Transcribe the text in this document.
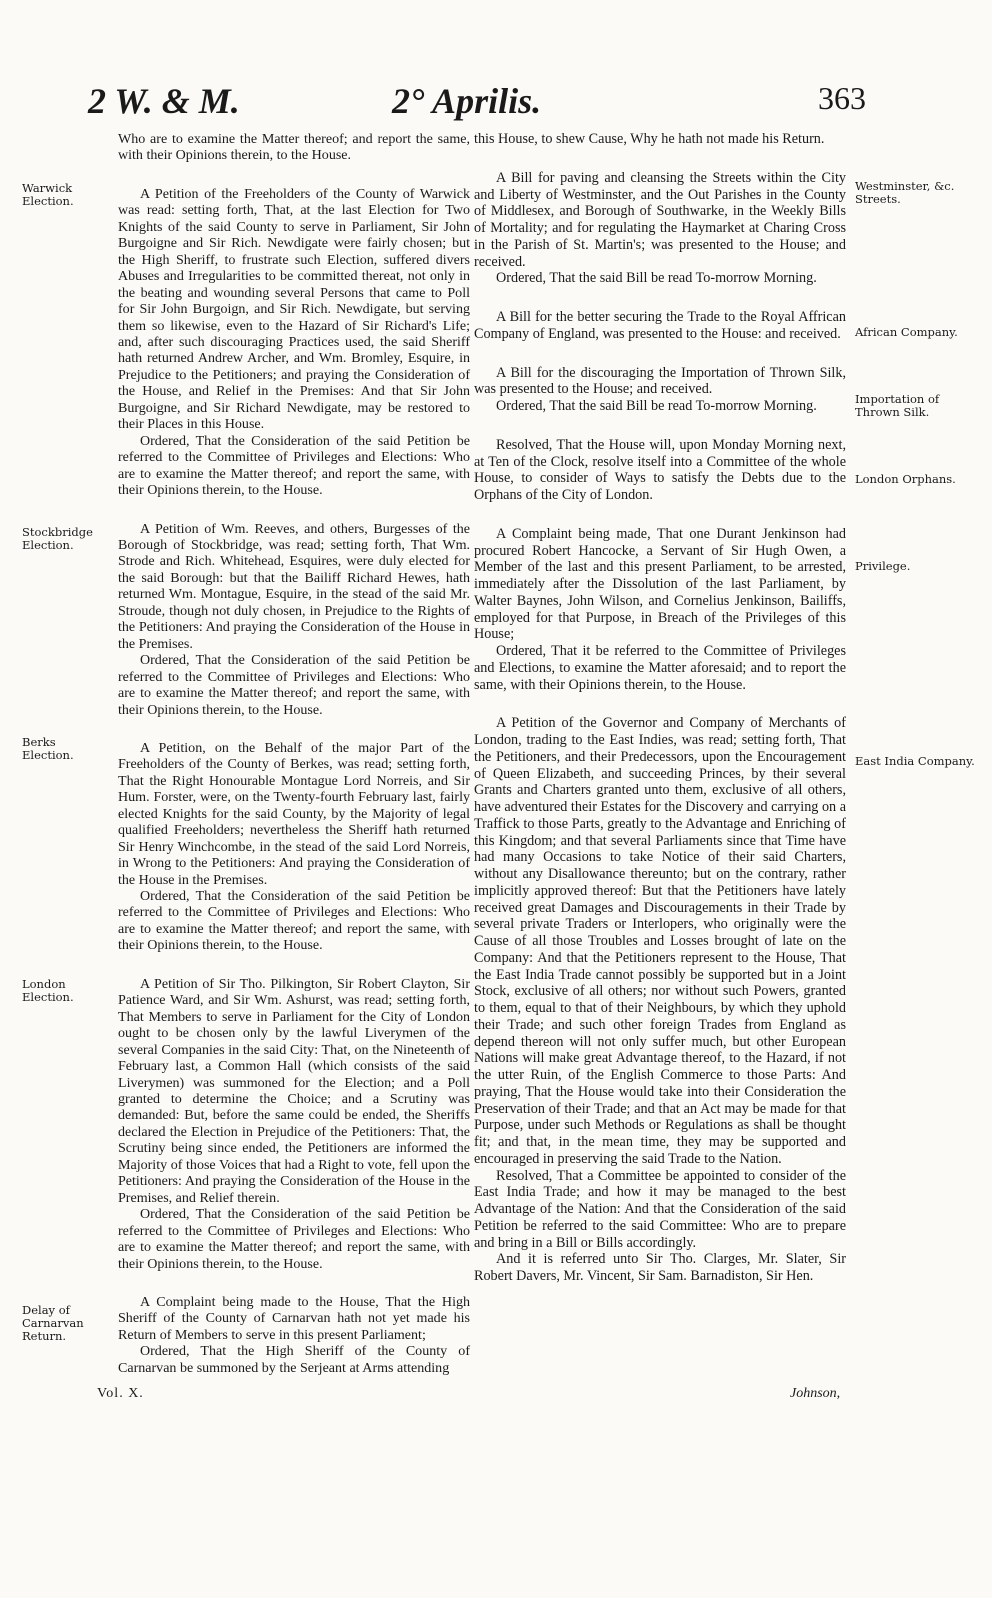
2 W. & M.	2° Aprilis.	363
Warwick Election.
Stockbridge Election.
Berks Election.
London Election.
Delay of Carnarvan Return.
Westminster, &c. Streets.
African Company.
Importation of Thrown Silk.
London Orphans.
Privilege.
East India Company.

Who are to examine the Matter thereof; and report the same, with their Opinions therein, to the House.

A Petition of the Freeholders of the County of Warwick was read: setting forth, That, at the last Election for Two Knights of the said County to serve in Parliament, Sir John Burgoigne and Sir Rich. Newdigate were fairly chosen; but the High Sheriff, to frustrate such Election, suffered divers Abuses and Irregularities to be committed thereat, not only in the beating and wounding several Persons that came to Poll for Sir John Burgoign, and Sir Rich. Newdigate, but serving them so likewise, even to the Hazard of Sir Richard's Life; and, after such discouraging Practices used, the said Sheriff hath returned Andrew Archer, and Wm. Bromley, Esquire, in Prejudice to the Petitioners; and praying the Consideration of the House, and Relief in the Premises: And that Sir John Burgoigne, and Sir Richard Newdigate, may be restored to their Places in this House.

Ordered, That the Consideration of the said Petition be referred to the Committee of Privileges and Elections: Who are to examine the Matter thereof; and report the same, with their Opinions therein, to the House.

A Petition of Wm. Reeves, and others, Burgesses of the Borough of Stockbridge, was read; setting forth, That Wm. Strode and Rich. Whitehead, Esquires, were duly elected for the said Borough: but that the Bailiff Richard Hewes, hath returned Wm. Montague, Esquire, in the stead of the said Mr. Stroude, though not duly chosen, in Prejudice to the Rights of the Petitioners: And praying the Consideration of the House in the Premises.

Ordered, That the Consideration of the said Petition be referred to the Committee of Privileges and Elections: Who are to examine the Matter thereof; and report the same, with their Opinions therein, to the House.

A Petition, on the Behalf of the major Part of the Freeholders of the County of Berkes, was read; setting forth, That the Right Honourable Montague Lord Norreis, and Sir Hum. Forster, were, on the Twenty-fourth February last, fairly elected Knights for the said County, by the Majority of legal qualified Freeholders; nevertheless the Sheriff hath returned Sir Henry Winchcombe, in the stead of the said Lord Norreis, in Wrong to the Petitioners: And praying the Consideration of the House in the Premises.

Ordered, That the Consideration of the said Petition be referred to the Committee of Privileges and Elections: Who are to examine the Matter thereof; and report the same, with their Opinions therein, to the House.

A Petition of Sir Tho. Pilkington, Sir Robert Clayton, Sir Patience Ward, and Sir Wm. Ashurst, was read; setting forth, That Members to serve in Parliament for the City of London ought to be chosen only by the lawful Liverymen of the several Companies in the said City: That, on the Nineteenth of February last, a Common Hall (which consists of the said Liverymen) was summoned for the Election; and a Poll granted to determine the Choice; and a Scrutiny was demanded: But, before the same could be ended, the Sheriffs declared the Election in Prejudice of the Petitioners: That, the Scrutiny being since ended, the Petitioners are informed the Majority of those Voices that had a Right to vote, fell upon the Petitioners: And praying the Consideration of the House in the Premises, and Relief therein.

Ordered, That the Consideration of the said Petition be referred to the Committee of Privileges and Elections: Who are to examine the Matter thereof; and report the same, with their Opinions therein, to the House.

A Complaint being made to the House, That the High Sheriff of the County of Carnarvan hath not yet made his Return of Members to serve in this present Parliament;

Ordered, That the High Sheriff of the County of Carnarvan be summoned by the Serjeant at Arms attending

this House, to shew Cause, Why he hath not made his Return.

A Bill for paving and cleansing the Streets within the City and Liberty of Westminster, and the Out Parishes in the County of Middlesex, and Borough of Southwarke, in the Weekly Bills of Mortality; and for regulating the Haymarket at Charing Cross in the Parish of St. Martin's; was presented to the House; and received.

Ordered, That the said Bill be read To-morrow Morning.

A Bill for the better securing the Trade to the Royal Affrican Company of England, was presented to the House: and received.

A Bill for the discouraging the Importation of Thrown Silk, was presented to the House; and received.

Ordered, That the said Bill be read To-morrow Morning.

Resolved, That the House will, upon Monday Morning next, at Ten of the Clock, resolve itself into a Committee of the whole House, to consider of Ways to satisfy the Debts due to the Orphans of the City of London.

A Complaint being made, That one Durant Jenkinson had procured Robert Hancocke, a Servant of Sir Hugh Owen, a Member of the last and this present Parliament, to be arrested, immediately after the Dissolution of the last Parliament, by Walter Baynes, John Wilson, and Cornelius Jenkinson, Bailiffs, employed for that Purpose, in Breach of the Privileges of this House;

Ordered, That it be referred to the Committee of Privileges and Elections, to examine the Matter aforesaid; and to report the same, with their Opinions therein, to the House.

A Petition of the Governor and Company of Merchants of London, trading to the East Indies, was read; setting forth, That the Petitioners, and their Predecessors, upon the Encouragement of Queen Elizabeth, and succeeding Princes, by their several Grants and Charters granted unto them, exclusive of all others, have adventured their Estates for the Discovery and carrying on a Traffick to those Parts, greatly to the Advantage and Enriching of this Kingdom; and that several Parliaments since that Time have had many Occasions to take Notice of their said Charters, without any Disallowance thereunto; but on the contrary, rather implicitly approved thereof: But that the Petitioners have lately received great Damages and Discouragements in their Trade by several private Traders or Interlopers, who originally were the Cause of all those Troubles and Losses brought of late on the Company: And that the Petitioners represent to the House, That the East India Trade cannot possibly be supported but in a Joint Stock, exclusive of all others; nor without such Powers, granted to them, equal to that of their Neighbours, by which they uphold their Trade; and such other foreign Trades from England as depend thereon will not only suffer much, but other European Nations will make great Advantage thereof, to the Hazard, if not the utter Ruin, of the English Commerce to those Parts: And praying, That the House would take into their Consideration the Preservation of their Trade; and that an Act may be made for that Purpose, under such Methods or Regulations as shall be thought fit; and that, in the mean time, they may be supported and encouraged in preserving the said Trade to the Nation.

Resolved, That a Committee be appointed to consider of the East India Trade; and how it may be managed to the best Advantage of the Nation: And that the Consideration of the said Petition be referred to the said Committee: Who are to prepare and bring in a Bill or Bills accordingly.

And it is referred unto Sir Tho. Clarges, Mr. Slater, Sir Robert Davers, Mr. Vincent, Sir Sam. Barnadiston, Sir Hen.

Vol. X.	Johnson,
